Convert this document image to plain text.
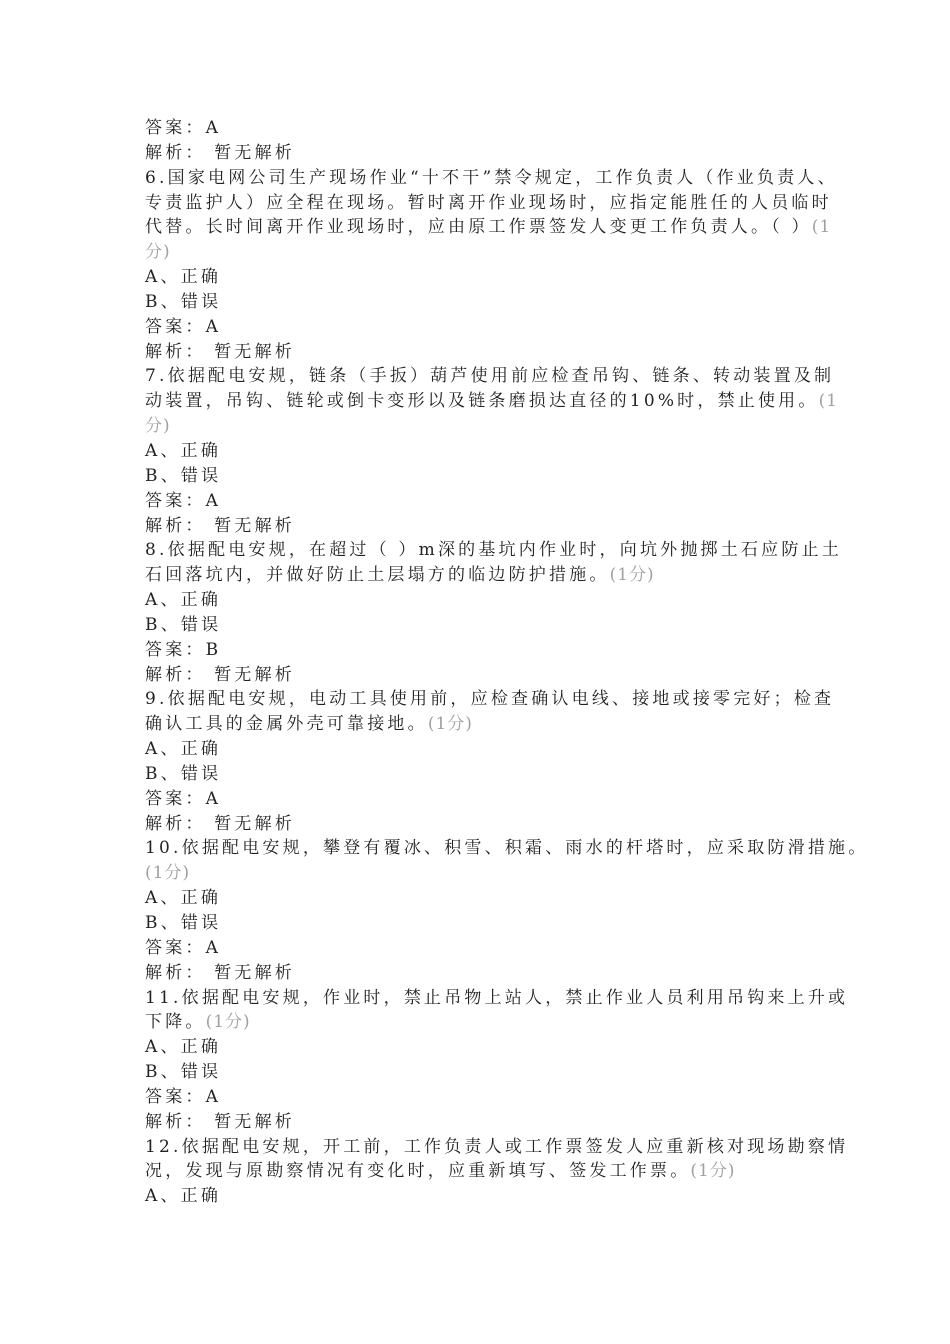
答案：A
解析： 暂无解析
6.国家电网公司生产现场作业“十不干”禁令规定，工作负责人（作业负责人、
专责监护人）应全程在现场。暂时离开作业现场时，应指定能胜任的人员临时
代替。长时间离开作业现场时，应由原工作票签发人变更工作负责人。（ ）(1
分)
A、正确
B、错误
答案：A
解析： 暂无解析
7.依据配电安规，链条（手扳）葫芦使用前应检查吊钩、链条、转动装置及制
动装置，吊钩、链轮或倒卡变形以及链条磨损达直径的10%时，禁止使用。(1
分)
A、正确
B、错误
答案：A
解析： 暂无解析
8.依据配电安规，在超过（ ）m深的基坑内作业时，向坑外抛掷土石应防止土
石回落坑内，并做好防止土层塌方的临边防护措施。(1分)
A、正确
B、错误
答案：B
解析： 暂无解析
9.依据配电安规，电动工具使用前，应检查确认电线、接地或接零完好；检查
确认工具的金属外壳可靠接地。(1分)
A、正确
B、错误
答案：A
解析： 暂无解析
10.依据配电安规，攀登有覆冰、积雪、积霜、雨水的杆塔时，应采取防滑措施。
(1分)
A、正确
B、错误
答案：A
解析： 暂无解析
11.依据配电安规，作业时，禁止吊物上站人，禁止作业人员利用吊钩来上升或
下降。(1分)
A、正确
B、错误
答案：A
解析： 暂无解析
12.依据配电安规，开工前，工作负责人或工作票签发人应重新核对现场勘察情
况，发现与原勘察情况有变化时，应重新填写、签发工作票。(1分)
A、正确
